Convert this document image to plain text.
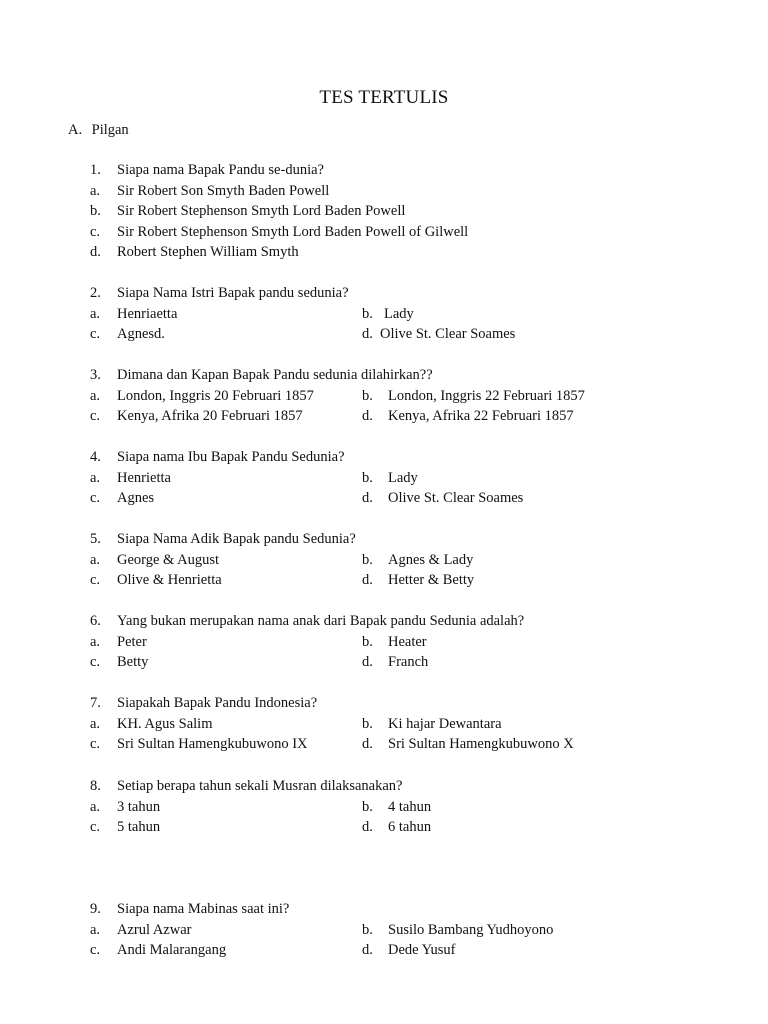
TES TERTULIS
A. Pilgan
1. Siapa nama Bapak Pandu se-dunia?
a. Sir Robert Son Smyth Baden Powell
b. Sir Robert Stephenson Smyth Lord Baden Powell
c. Sir Robert Stephenson Smyth Lord Baden Powell of Gilwell
d. Robert Stephen William Smyth
2. Siapa Nama Istri Bapak pandu sedunia?
a. Henriaetta	b. Lady
c. Agnesd.	d. Olive St. Clear Soames
3. Dimana dan Kapan Bapak Pandu sedunia dilahirkan??
a. London, Inggris 20 Februari 1857	b. London, Inggris 22 Februari 1857
c. Kenya, Afrika 20 Februari 1857	d. Kenya, Afrika 22 Februari 1857
4. Siapa nama Ibu Bapak Pandu Sedunia?
a. Henrietta	b. Lady
c. Agnes	d. Olive St. Clear Soames
5. Siapa Nama Adik Bapak pandu Sedunia?
a. George & August	b. Agnes & Lady
c. Olive & Henrietta	d. Hetter & Betty
6. Yang bukan merupakan nama anak dari Bapak pandu Sedunia adalah?
a. Peter	b. Heater
c. Betty	d. Franch
7. Siapakah Bapak Pandu Indonesia?
a. KH. Agus Salim	b. Ki hajar Dewantara
c. Sri Sultan Hamengkubuwono IX	d. Sri Sultan Hamengkubuwono X
8. Setiap berapa tahun sekali Musran dilaksanakan?
a. 3 tahun	b. 4 tahun
c. 5 tahun	d. 6 tahun
9. Siapa nama Mabinas saat ini?
a. Azrul Azwar	b. Susilo Bambang Yudhoyono
c. Andi Malarangang	d. Dede Yusuf
